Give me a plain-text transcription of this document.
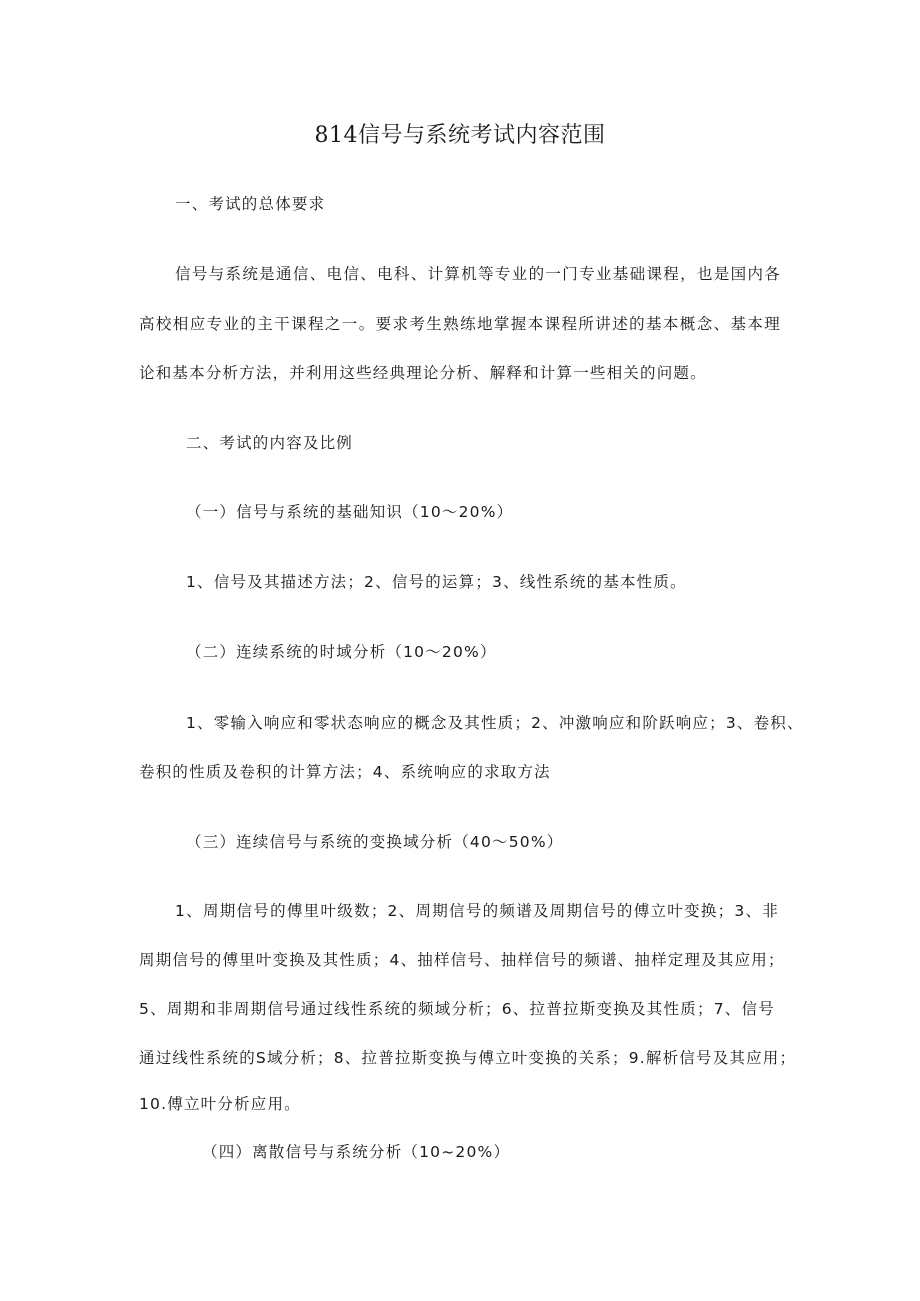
814信号与系统考试内容范围
一、考试的总体要求
信号与系统是通信、电信、电科、计算机等专业的一门专业基础课程，也是国内各
高校相应专业的主干课程之一。要求考生熟练地掌握本课程所讲述的基本概念、基本理
论和基本分析方法，并利用这些经典理论分析、解释和计算一些相关的问题。
二、考试的内容及比例
（一）信号与系统的基础知识（10～20%）
1、信号及其描述方法；2、信号的运算；3、线性系统的基本性质。
（二）连续系统的时域分析（10～20%）
1、零输入响应和零状态响应的概念及其性质；2、冲激响应和阶跃响应；3、卷积、
卷积的性质及卷积的计算方法；4、系统响应的求取方法
（三）连续信号与系统的变换域分析（40～50%）
1、周期信号的傅里叶级数；2、周期信号的频谱及周期信号的傅立叶变换；3、非
周期信号的傅里叶变换及其性质；4、抽样信号、抽样信号的频谱、抽样定理及其应用；
5、周期和非周期信号通过线性系统的频域分析；6、拉普拉斯变换及其性质；7、信号
通过线性系统的S域分析；8、拉普拉斯变换与傅立叶变换的关系；9.解析信号及其应用；
10.傅立叶分析应用。
（四）离散信号与系统分析（10~20%）
